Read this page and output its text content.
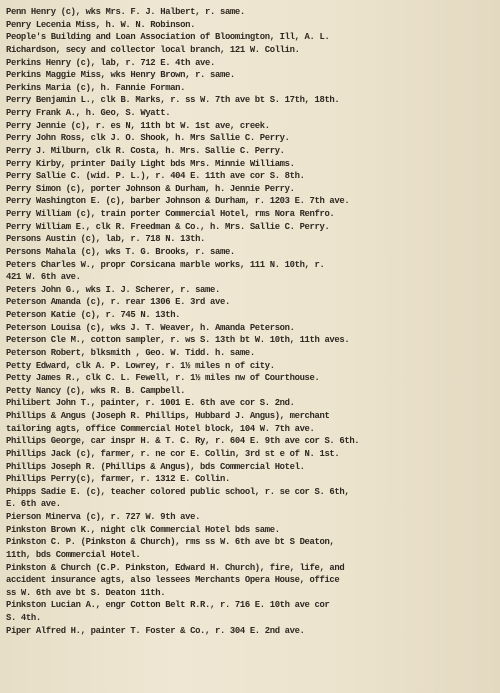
Penn Henry (c), wks Mrs. F. J. Halbert, r. same.
Penry Lecenia Miss, h. W. N. Robinson.
People's Building and Loan Association of Bloomington, Ill, A. L.
Richardson, secy and collector local branch, 121 W. Collin.
Perkins Henry (c), lab, r. 712 E. 4th ave.
Perkins Maggie Miss, wks Henry Brown, r. same.
Perkins Maria (c), h. Fannie Forman.
Perry Benjamin L., clk B. Marks, r. ss W. 7th ave bt S. 17th, 18th.
Perry Frank A., h. Geo, S. Wyatt.
Perry Jennie (c), r. es N, 11th bt W. 1st ave, creek.
Perry John Ross, clk J. O. Shook, h. Mrs Sallie C. Perry.
Perry J. Milburn, clk R. Costa, h. Mrs. Sallie C. Perry.
Perry Kirby, printer Daily Light bds Mrs. Minnie Williams.
Perry Sallie C. (wid. P. L.), r. 404 E. 11th ave cor S. 8th.
Perry Simon (c), porter Johnson & Durham, h. Jennie Perry.
Perry Washington E. (c), barber Johnson & Durham, r. 1203 E. 7th ave.
Perry William (c), train porter Commercial Hotel, rms Nora Renfro.
Perry William E., clk R. Freedman & Co., h. Mrs. Sallie C. Perry.
Persons Austin (c), lab, r. 718 N. 13th.
Persons Mahala (c), wks T. G. Brooks, r. same.
Peters Charles W., propr Corsicana marble works, 111 N. 10th, r.
421 W. 6th ave.
Peters John G., wks I. J. Scherer, r. same.
Peterson Amanda (c), r. rear 1306 E. 3rd ave.
Peterson Katie (c), r. 745 N. 13th.
Peterson Louisa (c), wks J. T. Weaver, h. Amanda Peterson.
Peterson Cle M., cotton sampler, r. ws S. 13th bt W. 10th, 11th aves.
Peterson Robert, blksmith , Geo. W. Tidd. h. same.
Petty Edward, clk A. P. Lowrey, r. 1½ miles n of city.
Petty James R., clk C. L. Fewell, r. 1½ miles nw of Courthouse.
Petty Nancy (c), wks R. B. Campbell.
Philibert John T., painter, r. 1001 E. 6th ave cor S. 2nd.
Phillips & Angus (Joseph R. Phillips, Hubbard J. Angus), merchant
tailoring agts, office Commercial Hotel block, 104 W. 7th ave.
Phillips George, car inspr H. & T. C. Ry, r. 604 E. 9th ave cor S. 6th.
Phillips Jack (c), farmer, r. ne cor E. Collin, 3rd st e of N. 1st.
Phillips Joseph R. (Phillips & Angus), bds Commercial Hotel.
Phillips Perry(c), farmer, r. 1312 E. Collin.
Phipps Sadie E. (c), teacher colored public school, r. se cor S. 6th,
E. 6th ave.
Pierson Minerva (c), r. 727 W. 9th ave.
Pinkston Brown K., night clk Commercial Hotel bds same.
Pinkston C. P. (Pinkston & Church), rms ss W. 6th ave bt S Deaton,
11th, bds Commercial Hotel.
Pinkston & Church (C.P. Pinkston, Edward H. Church), fire, life, and
accident insurance agts, also lessees Merchants Opera House, office
ss W. 6th ave bt S. Deaton 11th.
Pinkston Lucian A., engr Cotton Belt R.R., r. 716 E. 10th ave cor
S. 4th.
Piper Alfred H., painter T. Foster & Co., r. 304 E. 2nd ave.
